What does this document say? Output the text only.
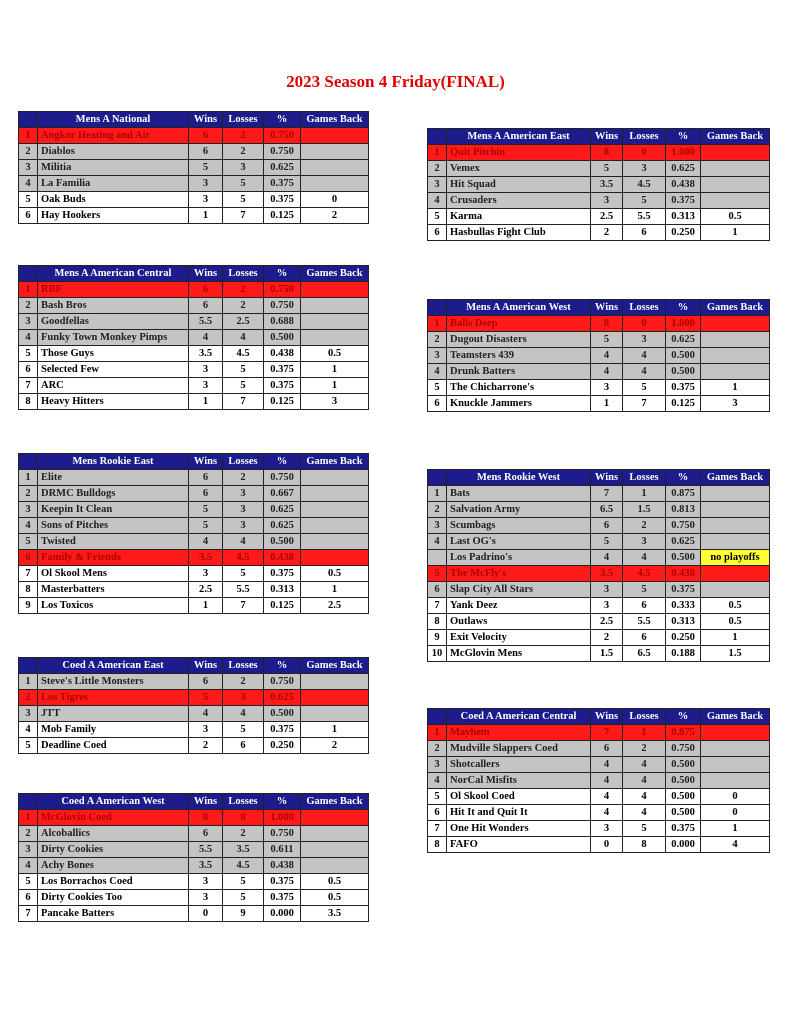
2023 Season 4 Friday(FINAL)
	Mens A National	Wins	Losses	%	Games Back
1	Angkor Heating and Air	6	2	0.750	
2	Diablos	6	2	0.750	
3	Militia	5	3	0.625	
4	La Familia	3	5	0.375	
5	Oak Buds	3	5	0.375	0
6	Hay Hookers	1	7	0.125	2
	Mens A American Central	Wins	Losses	%	Games Back
1	RBF	6	2	0.750	
2	Bash Bros	6	2	0.750	
3	Goodfellas	5.5	2.5	0.688	
4	Funky Town Monkey Pimps	4	4	0.500	
5	Those Guys	3.5	4.5	0.438	0.5
6	Selected Few	3	5	0.375	1
7	ARC	3	5	0.375	1
8	Heavy Hitters	1	7	0.125	3
	Mens Rookie East	Wins	Losses	%	Games Back
1	Elite	6	2	0.750	
2	DRMC Bulldogs	6	3	0.667	
3	Keepin It Clean	5	3	0.625	
4	Sons of Pitches	5	3	0.625	
5	Twisted	4	4	0.500	
6	Family & Friends	3.5	4.5	0.438	
7	Ol Skool Mens	3	5	0.375	0.5
8	Masterbatters	2.5	5.5	0.313	1
9	Los Toxicos	1	7	0.125	2.5
	Coed A American East	Wins	Losses	%	Games Back
1	Steve's Little Monsters	6	2	0.750	
2	Los Tigres	5	3	0.625	
3	JTT	4	4	0.500	
4	Mob Family	3	5	0.375	1
5	Deadline Coed	2	6	0.250	2
	Coed A American West	Wins	Losses	%	Games Back
1	McGlovin Coed	8	0	1.000	
2	Alcoballics	6	2	0.750	
3	Dirty Cookies	5.5	3.5	0.611	
4	Achy Bones	3.5	4.5	0.438	
5	Los Borrachos Coed	3	5	0.375	0.5
6	Dirty Cookies Too	3	5	0.375	0.5
7	Pancake Batters	0	9	0.000	3.5
	Mens A American East	Wins	Losses	%	Games Back
1	Quit Pitchin	8	0	1.000	
2	Vemex	5	3	0.625	
3	Hit Squad	3.5	4.5	0.438	
4	Crusaders	3	5	0.375	
5	Karma	2.5	5.5	0.313	0.5
6	Hasbullas Fight Club	2	6	0.250	1
	Mens A American West	Wins	Losses	%	Games Back
1	Balls Deep	8	0	1.000	
2	Dugout Disasters	5	3	0.625	
3	Teamsters 439	4	4	0.500	
4	Drunk Batters	4	4	0.500	
5	The Chicharrone's	3	5	0.375	1
6	Knuckle Jammers	1	7	0.125	3
	Mens Rookie West	Wins	Losses	%	Games Back
1	Bats	7	1	0.875	
2	Salvation Army	6.5	1.5	0.813	
3	Scumbags	6	2	0.750	
4	Last OG's	5	3	0.625	
	Los Padrino's	4	4	0.500	no playoffs
5	The McFly's	3.5	4.5	0.438	
6	Slap City All Stars	3	5	0.375	
7	Yank Deez	3	6	0.333	0.5
8	Outlaws	2.5	5.5	0.313	0.5
9	Exit Velocity	2	6	0.250	1
10	McGlovin Mens	1.5	6.5	0.188	1.5
	Coed A American Central	Wins	Losses	%	Games Back
1	Mayhem	7	1	0.875	
2	Mudville Slappers Coed	6	2	0.750	
3	Shotcallers	4	4	0.500	
4	NorCal Misfits	4	4	0.500	
5	Ol Skool Coed	4	4	0.500	0
6	Hit It and Quit It	4	4	0.500	0
7	One Hit Wonders	3	5	0.375	1
8	FAFO	0	8	0.000	4
